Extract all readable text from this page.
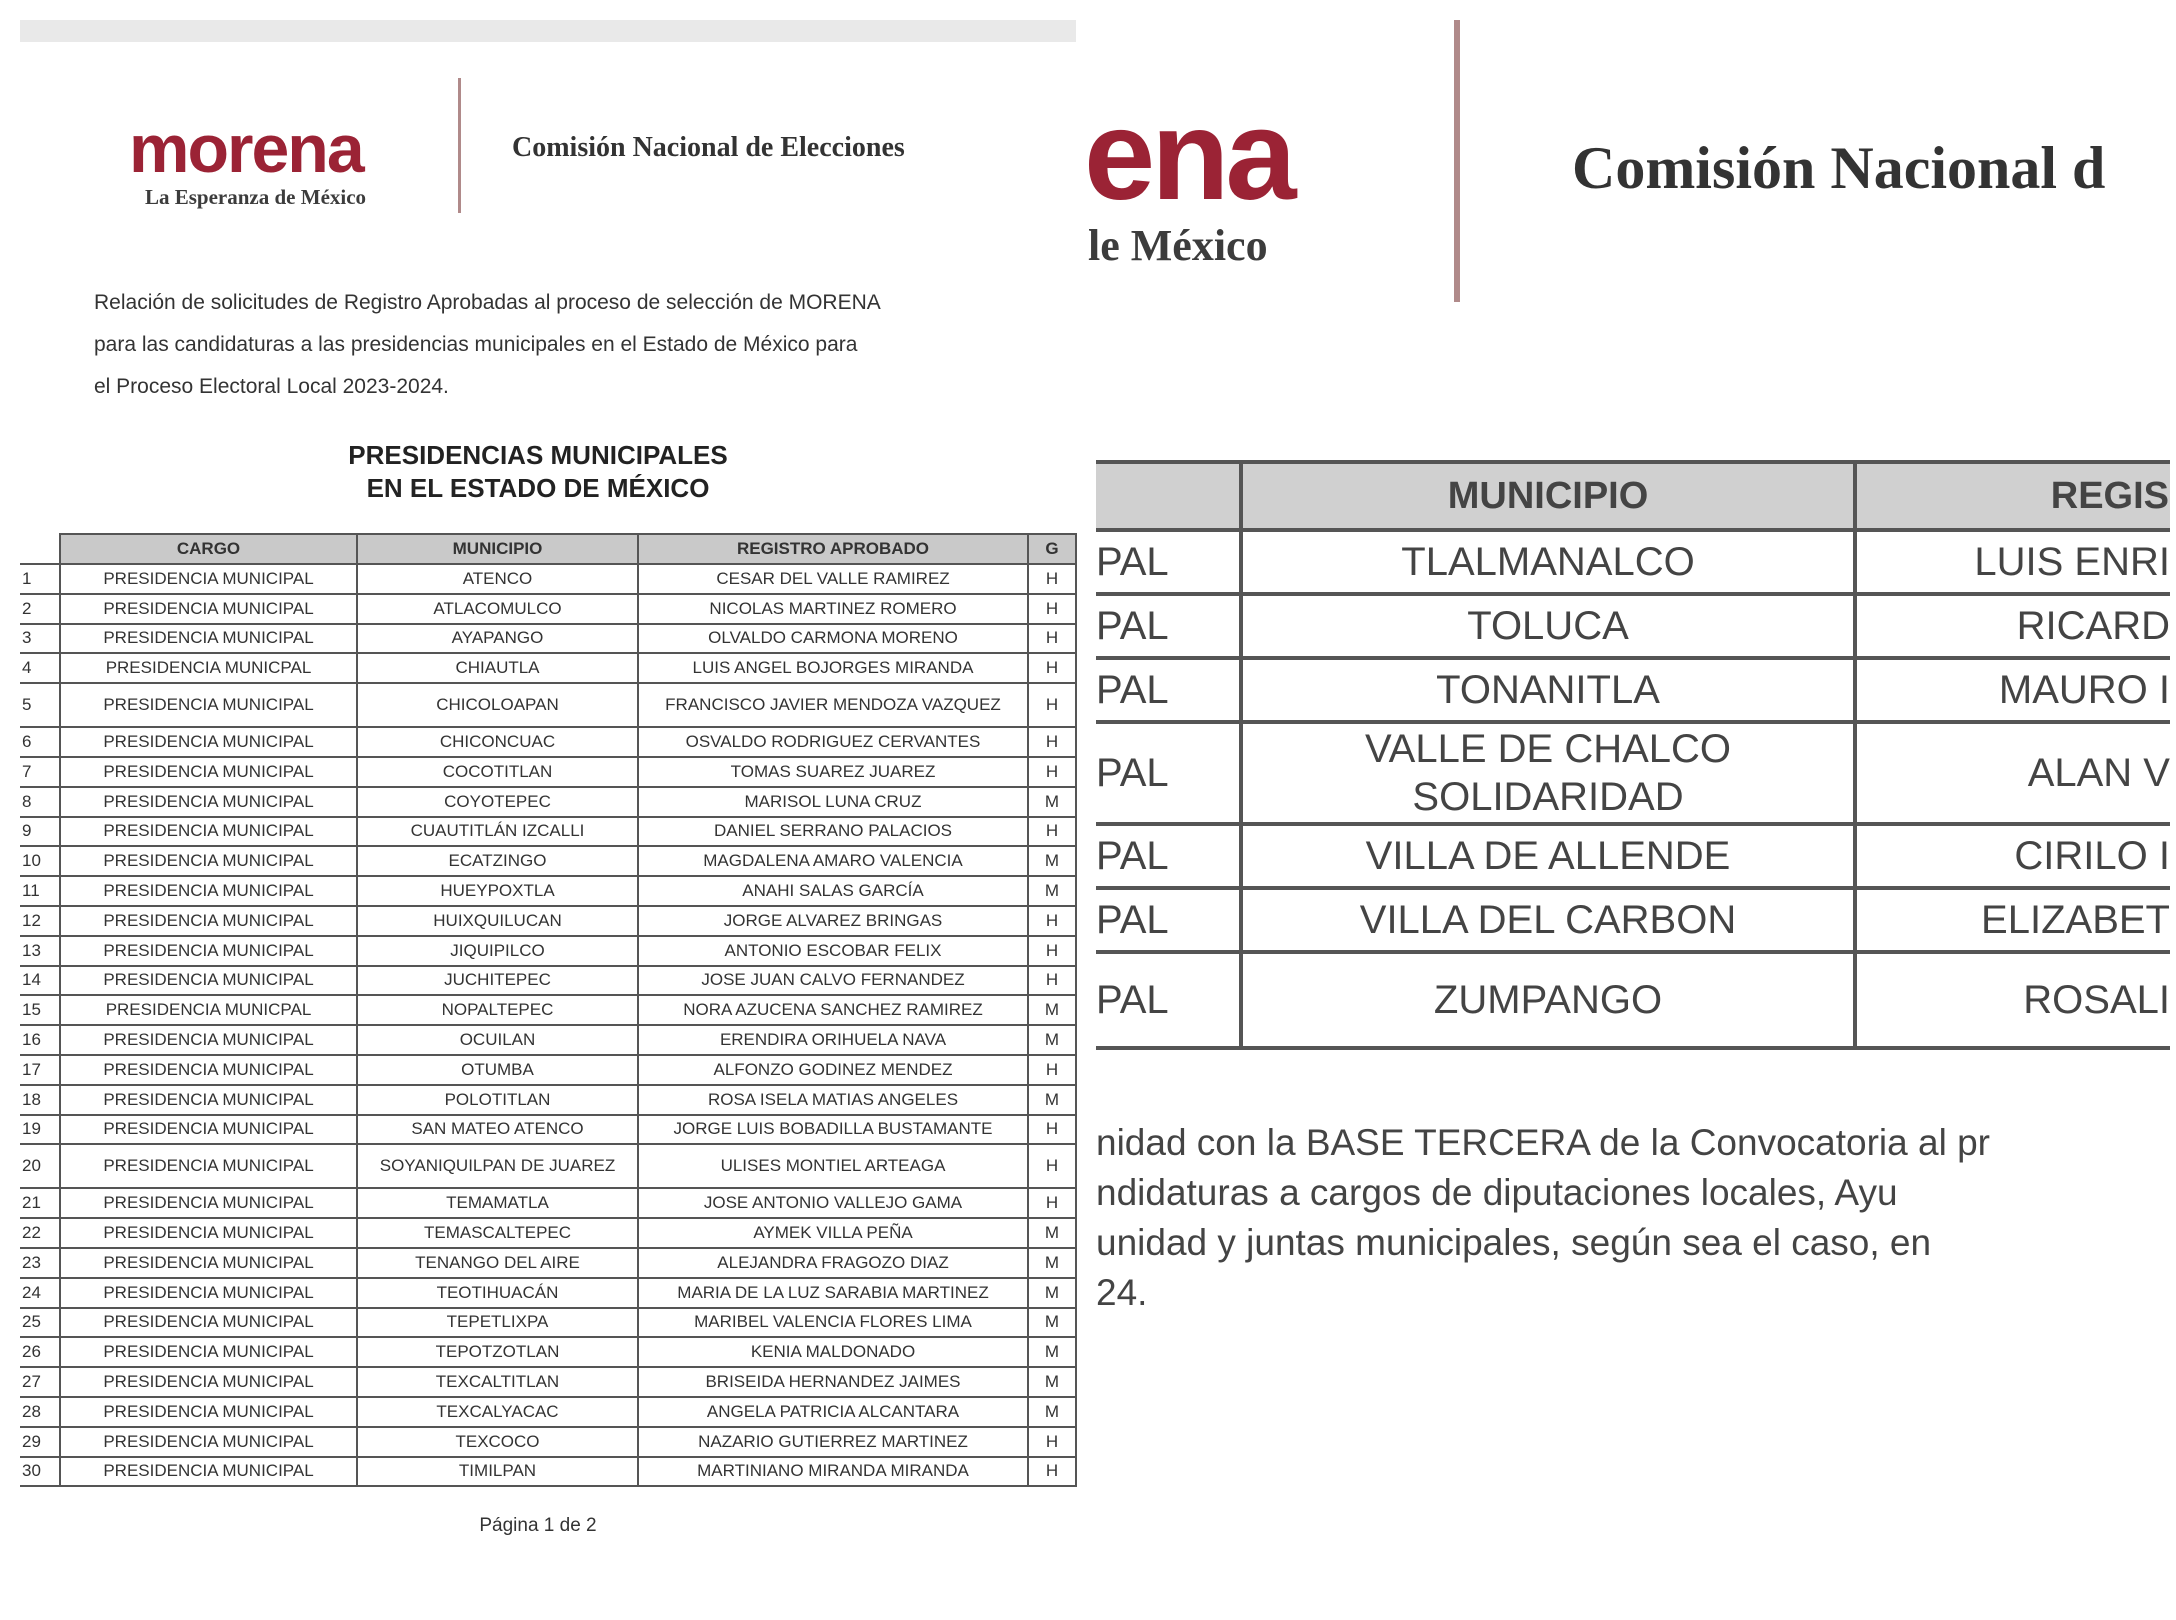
morena
La Esperanza de México
Comisión Nacional de Elecciones

Relación de solicitudes de Registro Aprobadas al proceso de selección de MORENA

para las candidaturas a las presidencias municipales en el Estado de México para

el Proceso Electoral Local 2023-2024.

PRESIDENCIAS MUNICIPALES
EN EL ESTADO DE MÉXICO
	CARGO	MUNICIPIO	REGISTRO APROBADO	G
1	PRESIDENCIA MUNICIPAL	ATENCO	CESAR DEL VALLE RAMIREZ	H
2	PRESIDENCIA MUNICIPAL	ATLACOMULCO	NICOLAS MARTINEZ ROMERO	H
3	PRESIDENCIA MUNICIPAL	AYAPANGO	OLVALDO CARMONA MORENO	H
4	PRESIDENCIA MUNICPAL	CHIAUTLA	LUIS ANGEL BOJORGES MIRANDA	H
5	PRESIDENCIA MUNICIPAL	CHICOLOAPAN	FRANCISCO JAVIER MENDOZA VAZQUEZ	H
6	PRESIDENCIA MUNICIPAL	CHICONCUAC	OSVALDO RODRIGUEZ CERVANTES	H
7	PRESIDENCIA MUNICIPAL	COCOTITLAN	TOMAS SUAREZ JUAREZ	H
8	PRESIDENCIA MUNICIPAL	COYOTEPEC	MARISOL LUNA CRUZ	M
9	PRESIDENCIA MUNICIPAL	CUAUTITLÁN IZCALLI	DANIEL SERRANO PALACIOS	H
10	PRESIDENCIA MUNICIPAL	ECATZINGO	MAGDALENA AMARO VALENCIA	M
11	PRESIDENCIA MUNICIPAL	HUEYPOXTLA	ANAHI SALAS GARCÍA	M
12	PRESIDENCIA MUNICIPAL	HUIXQUILUCAN	JORGE ALVAREZ BRINGAS	H
13	PRESIDENCIA MUNICIPAL	JIQUIPILCO	ANTONIO ESCOBAR FELIX	H
14	PRESIDENCIA MUNICIPAL	JUCHITEPEC	JOSE JUAN CALVO FERNANDEZ	H
15	PRESIDENCIA MUNICPAL	NOPALTEPEC	NORA AZUCENA SANCHEZ RAMIREZ	M
16	PRESIDENCIA MUNICIPAL	OCUILAN	ERENDIRA ORIHUELA NAVA	M
17	PRESIDENCIA MUNICIPAL	OTUMBA	ALFONZO GODINEZ MENDEZ	H
18	PRESIDENCIA MUNICIPAL	POLOTITLAN	ROSA ISELA MATIAS ANGELES	M
19	PRESIDENCIA MUNICIPAL	SAN MATEO ATENCO	JORGE LUIS BOBADILLA BUSTAMANTE	H
20	PRESIDENCIA MUNICIPAL	SOYANIQUILPAN DE JUAREZ	ULISES MONTIEL ARTEAGA	H
21	PRESIDENCIA MUNICIPAL	TEMAMATLA	JOSE ANTONIO VALLEJO GAMA	H
22	PRESIDENCIA MUNICIPAL	TEMASCALTEPEC	AYMEK VILLA PEÑA	M
23	PRESIDENCIA MUNICIPAL	TENANGO DEL AIRE	ALEJANDRA FRAGOZO DIAZ	M
24	PRESIDENCIA MUNICIPAL	TEOTIHUACÁN	MARIA DE LA LUZ SARABIA MARTINEZ	M
25	PRESIDENCIA MUNICIPAL	TEPETLIXPA	MARIBEL VALENCIA FLORES LIMA	M
26	PRESIDENCIA MUNICIPAL	TEPOTZOTLAN	KENIA MALDONADO	M
27	PRESIDENCIA MUNICIPAL	TEXCALTITLAN	BRISEIDA HERNANDEZ JAIMES	M
28	PRESIDENCIA MUNICIPAL	TEXCALYACAC	ANGELA PATRICIA ALCANTARA	M
29	PRESIDENCIA MUNICIPAL	TEXCOCO	NAZARIO GUTIERREZ MARTINEZ	H
30	PRESIDENCIA MUNICIPAL	TIMILPAN	MARTINIANO MIRANDA MIRANDA	H
Página 1 de 2
ena
le México
Comisión Nacional d
	MUNICIPIO	REGIS
PAL	TLALMANALCO	LUIS ENRI
PAL	TOLUCA	RICARD
PAL	TONANITLA	MAURO I
PAL	VALLE DE CHALCO SOLIDARIDAD	ALAN V
PAL	VILLA DE ALLENDE	CIRILO I
PAL	VILLA DEL CARBON	ELIZABET
PAL	ZUMPANGO	ROSALI

nidad con la BASE TERCERA de la Convocatoria al pr

ndidaturas a cargos de diputaciones locales, Ayu

unidad y juntas municipales, según sea el caso, en

24.
